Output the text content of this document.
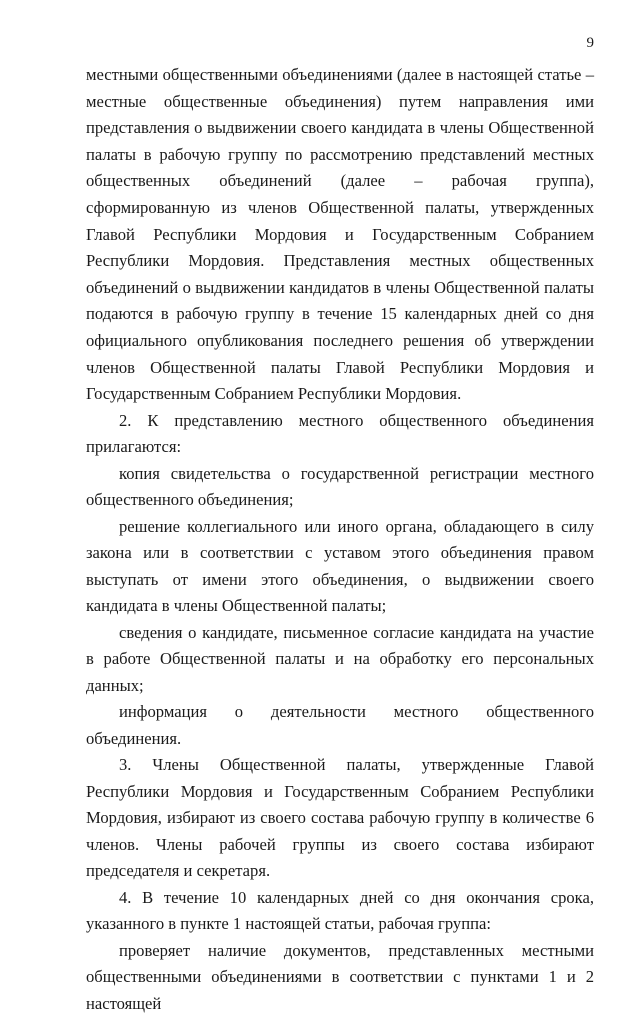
9

местными общественными объединениями (далее в настоящей статье – местные общественные объединения) путем направления ими представления о выдвижении своего кандидата в члены Общественной палаты в рабочую группу по рассмотрению представлений местных общественных объединений (далее – рабочая группа), сформированную из членов Общественной палаты, утвержденных Главой Республики Мордовия и Государственным Собранием Республики Мордовия. Представления местных общественных объединений о выдвижении кандидатов в члены Общественной палаты подаются в рабочую группу в течение 15 календарных дней со дня официального опубликования последнего решения об утверждении членов Общественной палаты Главой Республики Мордовия и Государственным Собранием Республики Мордовия.

2. К представлению местного общественного объединения прилагаются:

копия свидетельства о государственной регистрации местного общественного объединения;

решение коллегиального или иного органа, обладающего в силу закона или в соответствии с уставом этого объединения правом выступать от имени этого объединения, о выдвижении своего кандидата в члены Общественной палаты;

сведения о кандидате, письменное согласие кандидата на участие в работе Общественной палаты и на обработку его персональных данных;

информация о деятельности местного общественного объединения.

3. Члены Общественной палаты, утвержденные Главой Республики Мордовия и Государственным Собранием Республики Мордовия, избирают из своего состава рабочую группу в количестве 6 членов. Члены рабочей группы из своего состава избирают председателя и секретаря.

4. В течение 10 календарных дней со дня окончания срока, указанного в пункте 1 настоящей статьи, рабочая группа:

проверяет наличие документов, представленных местными общественными объединениями в соответствии с пунктами 1 и 2 настоящей
